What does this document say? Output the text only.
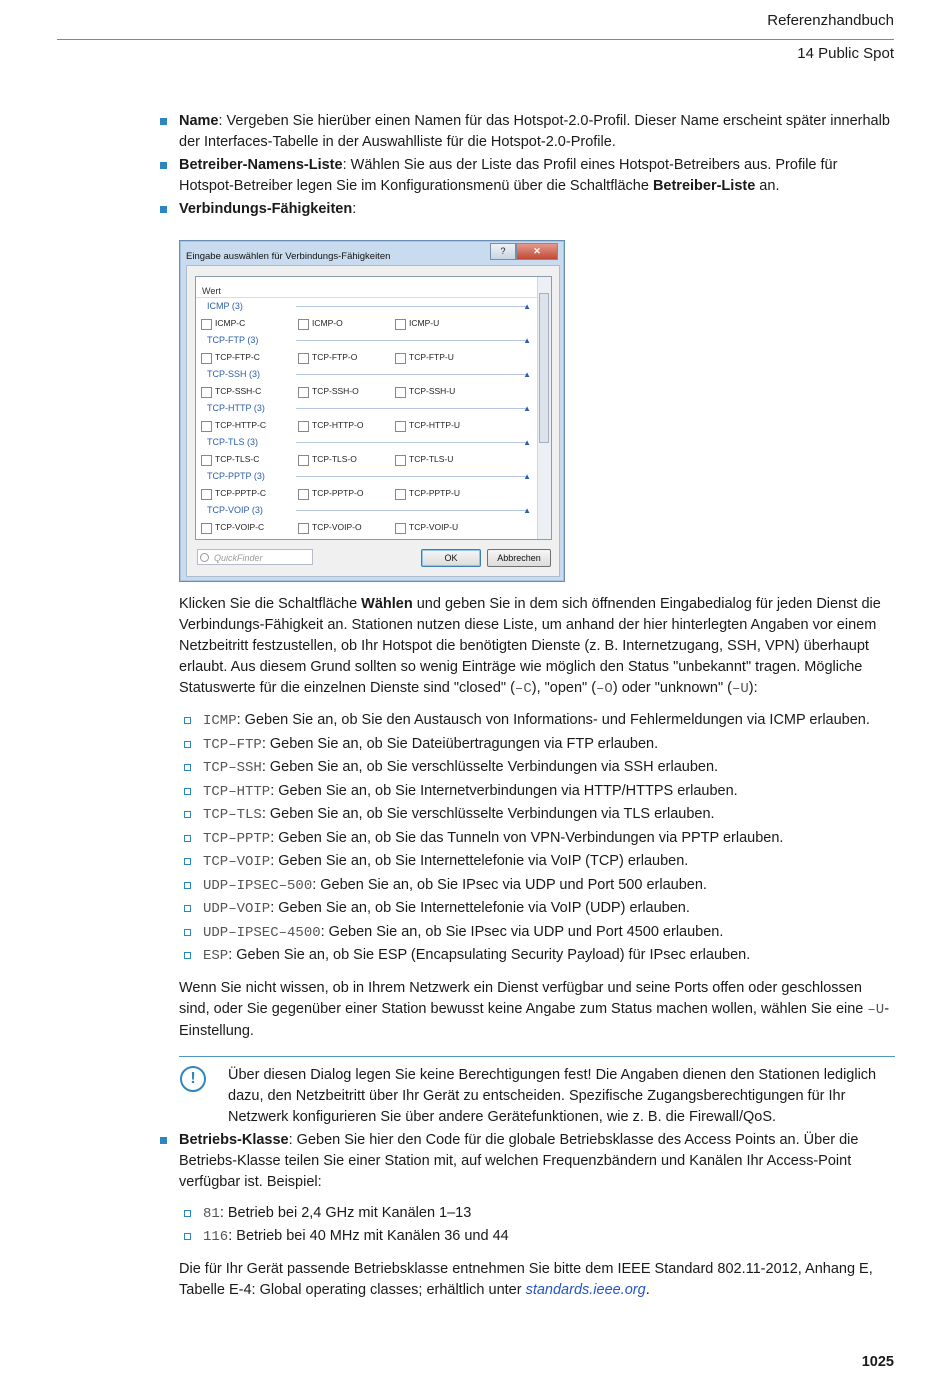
Referenzhandbuch
14 Public Spot
Name: Vergeben Sie hierüber einen Namen für das Hotspot-2.0-Profil. Dieser Name erscheint später innerhalb der Interfaces-Tabelle in der Auswahlliste für die Hotspot-2.0-Profile.
Betreiber-Namens-Liste: Wählen Sie aus der Liste das Profil eines Hotspot-Betreibers aus. Profile für Hotspot-Betreiber legen Sie im Konfigurationsmenü über die Schaltfläche Betreiber-Liste an.
Verbindungs-Fähigkeiten:
Eingabe auswählen für Verbindungs-Fähigkeiten	?	✕
Wert
ICMP (3)	▲
ICMP-C	ICMP-O	ICMP-U
TCP-FTP (3)	▲
TCP-FTP-C	TCP-FTP-O	TCP-FTP-U
TCP-SSH (3)	▲
TCP-SSH-C	TCP-SSH-O	TCP-SSH-U
TCP-HTTP (3)	▲
TCP-HTTP-C	TCP-HTTP-O	TCP-HTTP-U
TCP-TLS (3)	▲
TCP-TLS-C	TCP-TLS-O	TCP-TLS-U
TCP-PPTP (3)	▲
TCP-PPTP-C	TCP-PPTP-O	TCP-PPTP-U
TCP-VOIP (3)	▲
TCP-VOIP-C	TCP-VOIP-O	TCP-VOIP-U
QuickFinder	OK	Abbrechen
Klicken Sie die Schaltfläche Wählen und geben Sie in dem sich öffnenden Eingabedialog für jeden Dienst die Verbindungs-Fähigkeit an. Stationen nutzen diese Liste, um anhand der hier hinterlegten Angaben vor einem Netzbeitritt festzustellen, ob Ihr Hotspot die benötigten Dienste (z. B. Internetzugang, SSH, VPN) überhaupt erlaubt. Aus diesem Grund sollten so wenig Einträge wie möglich den Status "unbekannt" tragen. Mögliche Statuswerte für die einzelnen Dienste sind "closed" (–C), "open" (–O) oder "unknown" (–U):
ICMP: Geben Sie an, ob Sie den Austausch von Informations- und Fehlermeldungen via ICMP erlauben.
TCP–FTP: Geben Sie an, ob Sie Dateiübertragungen via FTP erlauben.
TCP–SSH: Geben Sie an, ob Sie verschlüsselte Verbindungen via SSH erlauben.
TCP–HTTP: Geben Sie an, ob Sie Internetverbindungen via HTTP/HTTPS erlauben.
TCP–TLS: Geben Sie an, ob Sie verschlüsselte Verbindungen via TLS erlauben.
TCP–PPTP: Geben Sie an, ob Sie das Tunneln von VPN-Verbindungen via PPTP erlauben.
TCP–VOIP: Geben Sie an, ob Sie Internettelefonie via VoIP (TCP) erlauben.
UDP–IPSEC–500: Geben Sie an, ob Sie IPsec via UDP und Port 500 erlauben.
UDP–VOIP: Geben Sie an, ob Sie Internettelefonie via VoIP (UDP) erlauben.
UDP–IPSEC–4500: Geben Sie an, ob Sie IPsec via UDP und Port 4500 erlauben.
ESP: Geben Sie an, ob Sie ESP (Encapsulating Security Payload) für IPsec erlauben.
Wenn Sie nicht wissen, ob in Ihrem Netzwerk ein Dienst verfügbar und seine Ports offen oder geschlossen sind, oder Sie gegenüber einer Station bewusst keine Angabe zum Status machen wollen, wählen Sie eine –U-Einstellung.
!	Über diesen Dialog legen Sie keine Berechtigungen fest! Die Angaben dienen den Stationen lediglich dazu, den Netzbeitritt über Ihr Gerät zu entscheiden. Spezifische Zugangsberechtigungen für Ihr Netzwerk konfigurieren Sie über andere Gerätefunktionen, wie z. B. die Firewall/QoS.
Betriebs-Klasse: Geben Sie hier den Code für die globale Betriebsklasse des Access Points an. Über die Betriebs-Klasse teilen Sie einer Station mit, auf welchen Frequenzbändern und Kanälen Ihr Access-Point verfügbar ist. Beispiel:
81: Betrieb bei 2,4 GHz mit Kanälen 1–13
116: Betrieb bei 40 MHz mit Kanälen 36 und 44
Die für Ihr Gerät passende Betriebsklasse entnehmen Sie bitte dem IEEE Standard 802.11-2012, Anhang E, Tabelle E-4: Global operating classes; erhältlich unter standards.ieee.org.
1025
